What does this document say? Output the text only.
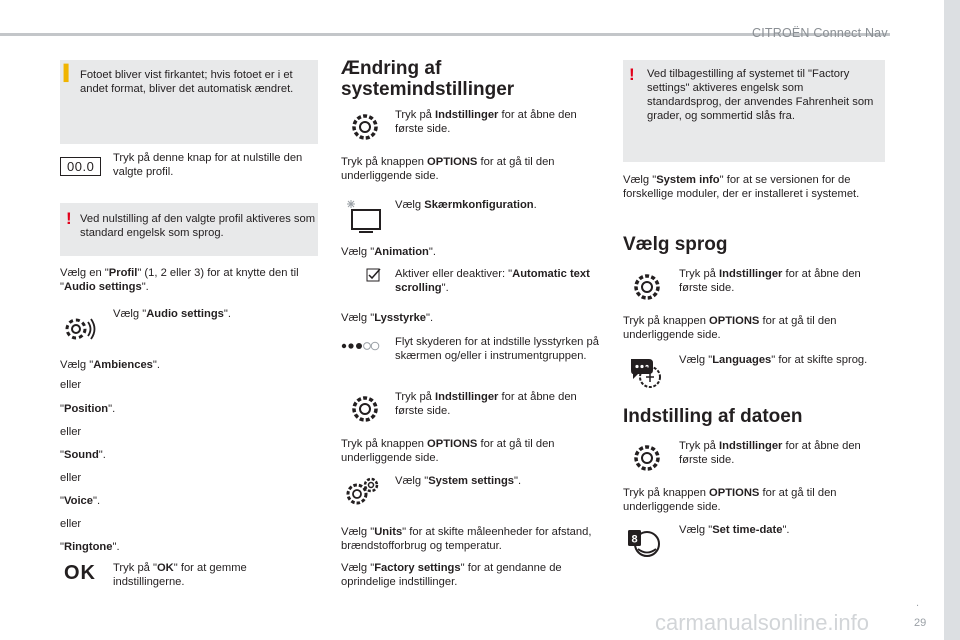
CITROËN Connect Nav
.
29
carmanualsonline.info
▍ Fotoet bliver vist firkantet; hvis fotoet er i et andet format, bliver det automatisk ændret.
00.0
Tryk på denne knap for at nulstille den valgte profil.
! Ved nulstilling af den valgte profil aktiveres som standard engelsk som sprog.
Vælg en "Profil" (1, 2 eller 3) for at knytte den til "Audio settings".
Vælg "Audio settings".
Vælg "Ambiences".
eller
"Position".
eller
"Sound".
eller
"Voice".
eller
"Ringtone".
OK Tryk på "OK" for at gemme indstillingerne.
Ændring af systemindstillinger
Tryk på Indstillinger for at åbne den første side.
Tryk på knappen OPTIONS for at gå til den underliggende side.
Vælg Skærmkonfiguration.
Vælg "Animation".
Aktiver eller deaktiver: "Automatic text scrolling".
Vælg "Lysstyrke".
Flyt skyderen for at indstille lysstyrken på skærmen og/eller i instrumentgruppen.
Tryk på Indstillinger for at åbne den første side.
Tryk på knappen OPTIONS for at gå til den underliggende side.
Vælg "System settings".
Vælg "Units" for at skifte måleenheder for afstand, brændstofforbrug og temperatur.
Vælg "Factory settings" for at gendanne de oprindelige indstillinger.
! Ved tilbagestilling af systemet til "Factory settings" aktiveres engelsk som standardsprog, der anvendes Fahrenheit som grader, og sommertid slås fra.
Vælg "System info" for at se versionen for de forskellige moduler, der er installeret i systemet.
Vælg sprog
Tryk på Indstillinger for at åbne den første side.
Tryk på knappen OPTIONS for at gå til den underliggende side.
Vælg "Languages" for at skifte sprog.
Indstilling af datoen
Tryk på Indstillinger for at åbne den første side.
Tryk på knappen OPTIONS for at gå til den underliggende side.
8
Vælg "Set time-date".
